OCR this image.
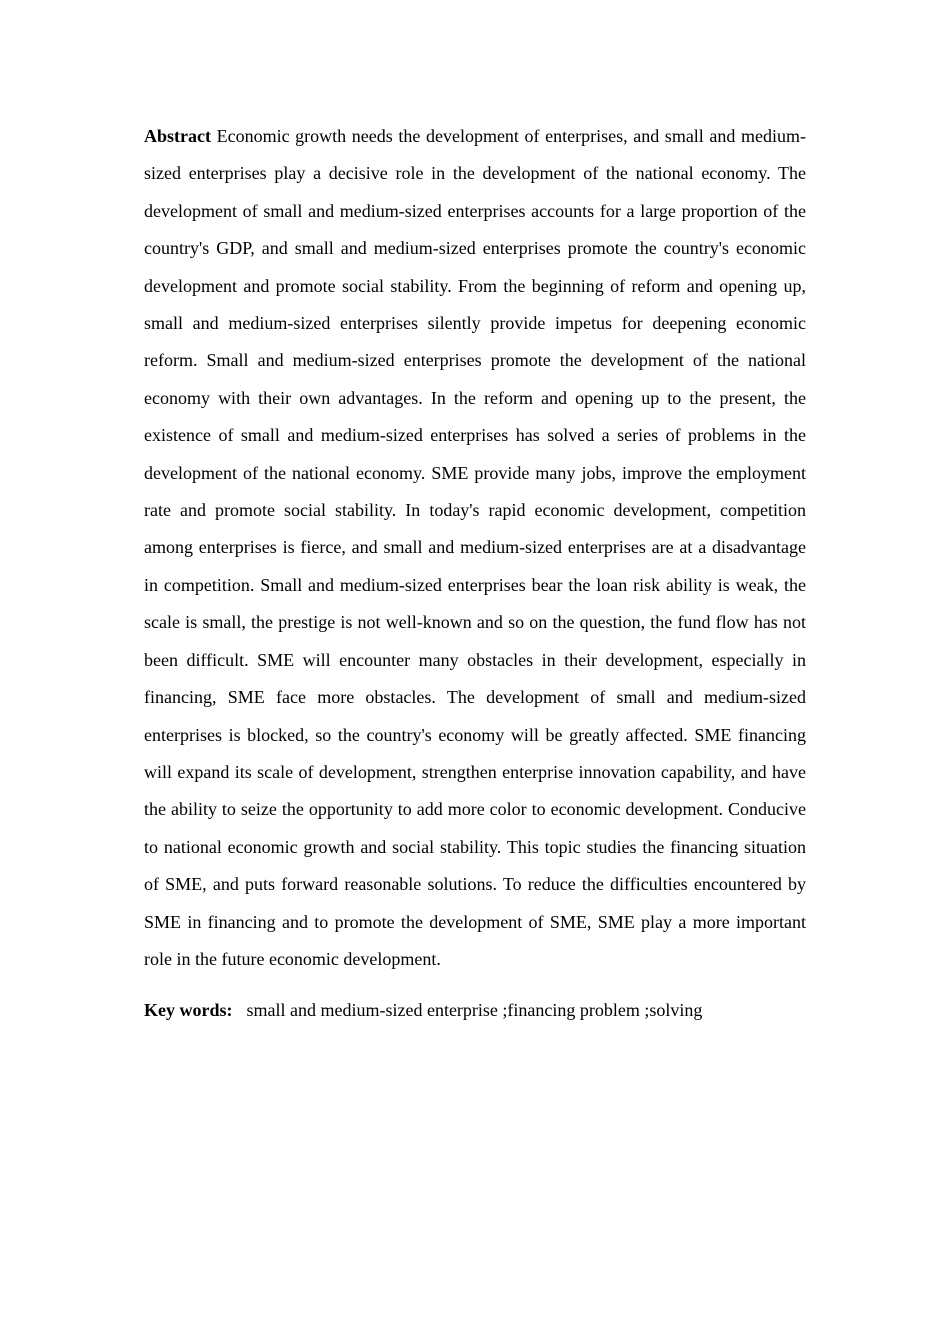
Abstract Economic growth needs the development of enterprises, and small and medium-sized enterprises play a decisive role in the development of the national economy. The development of small and medium-sized enterprises accounts for a large proportion of the country's GDP, and small and medium-sized enterprises promote the country's economic development and promote social stability. From the beginning of reform and opening up, small and medium-sized enterprises silently provide impetus for deepening economic reform. Small and medium-sized enterprises promote the development of the national economy with their own advantages. In the reform and opening up to the present, the existence of small and medium-sized enterprises has solved a series of problems in the development of the national economy. SME provide many jobs, improve the employment rate and promote social stability. In today's rapid economic development, competition among enterprises is fierce, and small and medium-sized enterprises are at a disadvantage in competition. Small and medium-sized enterprises bear the loan risk ability is weak, the scale is small, the prestige is not well-known and so on the question, the fund flow has not been difficult. SME will encounter many obstacles in their development, especially in financing, SME face more obstacles. The development of small and medium-sized enterprises is blocked, so the country's economy will be greatly affected. SME financing will expand its scale of development, strengthen enterprise innovation capability, and have the ability to seize the opportunity to add more color to economic development. Conducive to national economic growth and social stability. This topic studies the financing situation of SME, and puts forward reasonable solutions. To reduce the difficulties encountered by SME in financing and to promote the development of SME, SME play a more important role in the future economic development.

Key words: small and medium-sized enterprise ;financing problem ;solving
